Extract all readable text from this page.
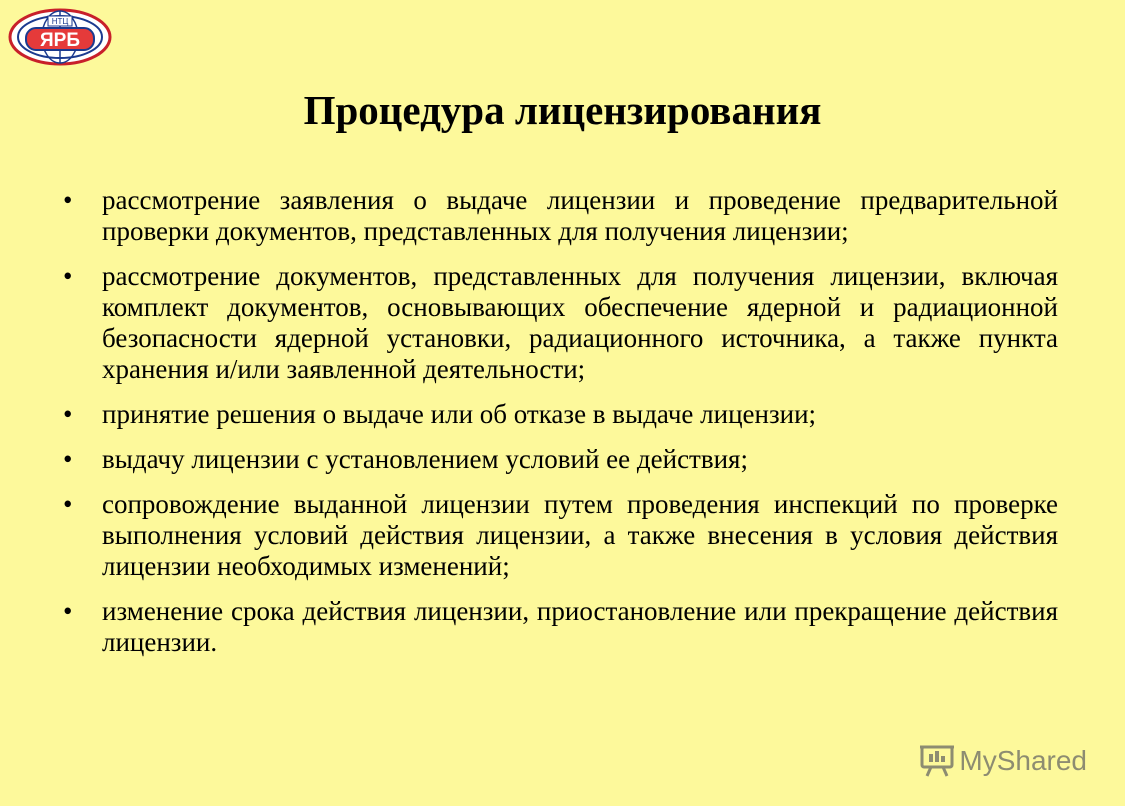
ЯРБ
НТЦ
Процедура лицензирования
• рассмотрение заявления о выдаче лицензии и проведение предварительной проверки документов, представленных для получения лицензии;
• рассмотрение документов, представленных для получения лицензии, включая комплект документов, основывающих обеспечение ядерной и радиационной безопасности ядерной установки, радиационного источника, а также пункта хранения и/или заявленной деятельности;
• принятие решения о выдаче или об отказе в выдаче лицензии;
• выдачу лицензии с установлением условий ее действия;
• сопровождение выданной лицензии путем проведения инспекций по проверке выполнения условий действия лицензии, а также внесения в условия действия лицензии необходимых изменений;
• изменение срока действия лицензии, приостановление или прекращение действия лицензии.
MyShared
